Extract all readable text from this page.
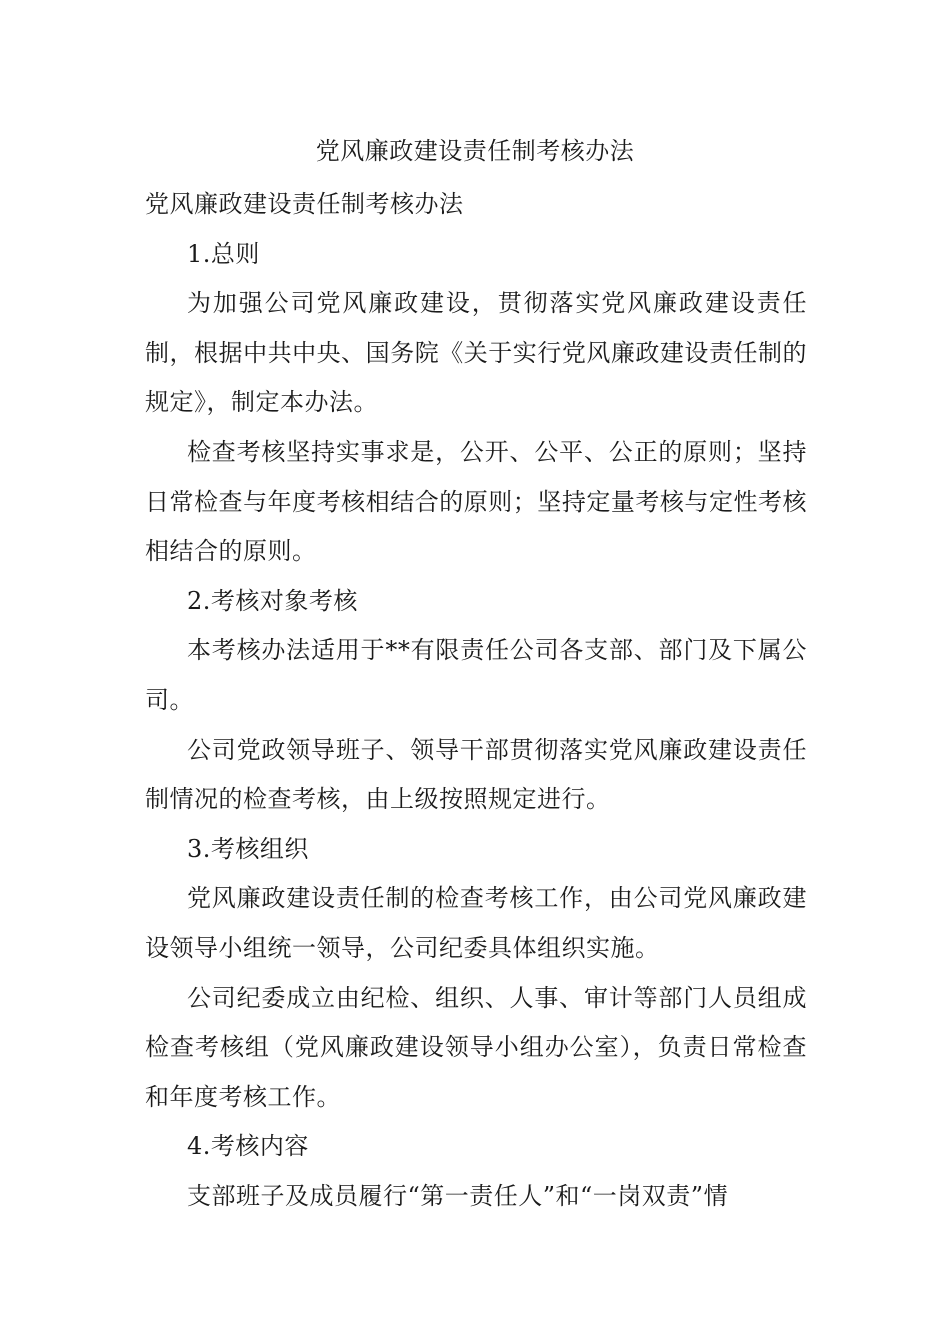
党风廉政建设责任制考核办法

党风廉政建设责任制考核办法

1.总则

为加强公司党风廉政建设，贯彻落实党风廉政建设责任制，根据中共中央、国务院《关于实行党风廉政建设责任制的规定》，制定本办法。

检查考核坚持实事求是，公开、公平、公正的原则；坚持日常检查与年度考核相结合的原则；坚持定量考核与定性考核相结合的原则。

2.考核对象考核

本考核办法适用于**有限责任公司各支部、部门及下属公司。

公司党政领导班子、领导干部贯彻落实党风廉政建设责任制情况的检查考核，由上级按照规定进行。

3.考核组织

党风廉政建设责任制的检查考核工作，由公司党风廉政建设领导小组统一领导，公司纪委具体组织实施。

公司纪委成立由纪检、组织、人事、审计等部门人员组成检查考核组（党风廉政建设领导小组办公室），负责日常检查和年度考核工作。

4.考核内容

支部班子及成员履行“第一责任人”和“一岗双责”情
